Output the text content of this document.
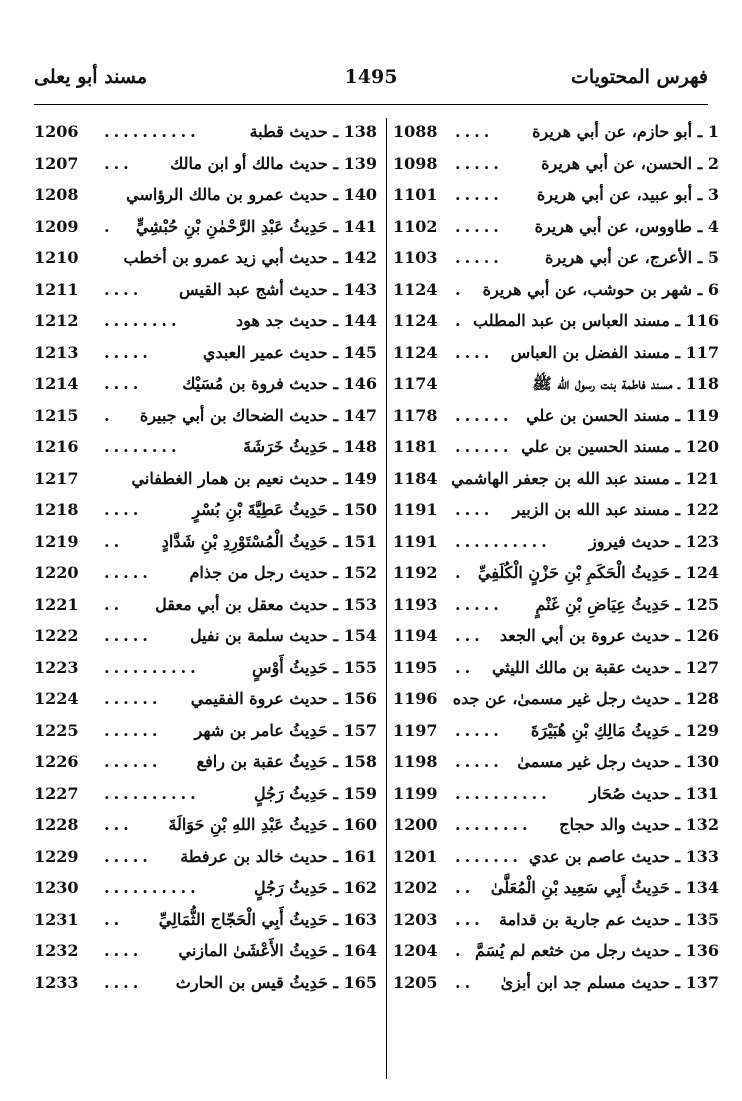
فهرس المحتويات
1495
مسند أبو يعلى
1 ـ أبو حازم، عن أبي هريرة
....
1088
2 ـ الحسن، عن أبي هريرة
.....
1098
3 ـ أبو عبيد، عن أبي هريرة
.....
1101
4 ـ طاووس، عن أبي هريرة
.....
1102
5 ـ الأعرج، عن أبي هريرة
.....
1103
6 ـ شهر بن حوشب، عن أبي هريرة
.
1124
116 ـ مسند العباس بن عبد المطلب
.
1124
117 ـ مسند الفضل بن العباس
....
1124
118 ـ مسند فاطمة بنت رسول الله ﷺ
1174
119 ـ مسند الحسن بن علي
......
1178
120 ـ مسند الحسين بن علي
......
1181
121 ـ مسند عبد الله بن جعفر الهاشمي
1184
122 ـ مسند عبد الله بن الزبير
....
1191
123 ـ حديث فيروز
..........
1191
124 ـ حَدِيثُ الْحَكَمِ بْنِ حَزْنٍ الْكُلَفِيِّ
.
1192
125 ـ حَدِيثُ عِيَاضِ بْنِ غَنْمٍ
.....
1193
126 ـ حديث عروة بن أبي الجعد
...
1194
127 ـ حديث عقبة بن مالك الليثي
..
1195
128 ـ حديث رجل غير مسمىٰ، عن جده
1196
129 ـ حَدِيثُ مَالِكِ بْنِ هُبَيْرَةَ
.....
1197
130 ـ حديث رجل غير مسمىٰ
.....
1198
131 ـ حديث صُحَار
..........
1199
132 ـ حديث والد حجاج
........
1200
133 ـ حديث عاصم بن عدي
.......
1201
134 ـ حَدِيثُ أَبِي سَعِيد بْنِ الْمُعَلَّىٰ
..
1202
135 ـ حديث عم جارية بن قدامة
...
1203
136 ـ حديث رجل من خثعم لم يُسَمَّ
.
1204
137 ـ حديث مسلم جد ابن أبزىٰ
..
1205
138 ـ حديث قطبة
..........
1206
139 ـ حديث مالك أو ابن مالك
...
1207
140 ـ حديث عمرو بن مالك الرؤاسي
1208
141 ـ حَدِيثُ عَبْدِ الرَّحْمٰنِ بْنِ حُبْشِيٍّ
.
1209
142 ـ حديث أبي زيد عمرو بن أخطب
1210
143 ـ حديث أشج عبد القيس
....
1211
144 ـ حديث جد هود
........
1212
145 ـ حديث عمير العبدي
.....
1213
146 ـ حديث فروة بن مُسَيْك
....
1214
147 ـ حديث الضحاك بن أبي جبيرة
.
1215
148 ـ حَدِيثُ خَرَشَةَ
........
1216
149 ـ حديث نعيم بن همار الغطفاني
1217
150 ـ حَدِيثُ عَطِيَّةَ بْنِ بُسْرٍ
....
1218
151 ـ حَدِيثُ الْمُسْتَوْرِدِ بْنِ شَدَّادٍ
..
1219
152 ـ حديث رجل من جذام
.....
1220
153 ـ حديث معقل بن أبي معقل
..
1221
154 ـ حديث سلمة بن نفيل
.....
1222
155 ـ حَدِيثُ أَوْسٍ
..........
1223
156 ـ حديث عروة الفقيمي
......
1224
157 ـ حَدِيثُ عامر بن شهر
......
1225
158 ـ حَدِيثُ عقبة بن رافع
......
1226
159 ـ حَدِيثُ رَجُلٍ
..........
1227
160 ـ حَدِيثُ عَبْدِ اللهِ بْنِ حَوَالَةَ
...
1228
161 ـ حديث خالد بن عرفطة
.....
1229
162 ـ حَدِيثُ رَجُلٍ
..........
1230
163 ـ حَدِيثُ أَبِي الْحَجّاج الثُّمَالِيِّ
..
1231
164 ـ حَدِيثُ الأَعْشَىٰ المازني
....
1232
165 ـ حَدِيثُ قيس بن الحارث
....
1233
